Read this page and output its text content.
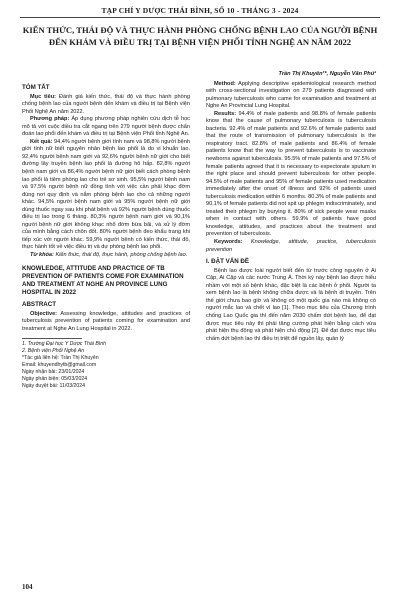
TẠP CHÍ Y DƯỢC THÁI BÌNH, SỐ 10 - THÁNG 3 - 2024
KIẾN THỨC, THÁI ĐỘ VÀ THỰC HÀNH PHÒNG CHỐNG BỆNH LAO CỦA NGƯỜI BỆNH ĐẾN KHÁM VÀ ĐIỀU TRỊ TẠI BỆNH VIỆN PHỔI TỈNH NGHỆ AN NĂM 2022
TÓM TẮT

Mục tiêu: Đánh giá kiến thức, thái độ và thực hành phòng chống bệnh lao của người bệnh đến khám và điều trị tại Bệnh viện Phổi Nghệ An năm 2022.

Phương pháp: Áp dụng phương pháp nghiên cứu dịch tễ học mô tả với cuộc điều tra cắt ngang trên 279 người bệnh được chẩn đoán lao phổi đến khám và điều trị tại Bệnh viện Phổi tỉnh Nghệ An.

Kết quả: 94,4% người bệnh giới tính nam và 98,8% người bệnh giới tính nữ biết nguyên nhân bệnh lao phổi là do vi khuẩn lao. 92,4% người bệnh nam giới và 92,6% người bệnh nữ giới cho biết đường lây truyền bệnh lao phổi là đường hô hấp. 82,8% người bệnh nam giới và 86,4% người bệnh nữ giới biết cách phòng bệnh lao phổi là tiêm phòng lao cho trẻ sơ sinh. 95,5% người bệnh nam và 97,5% người bệnh nữ đồng tình với việc cần phải khạc đờm đúng nơi quy định và nắm phòng bệnh lao cho cả những người khác. 94,5% người bệnh nam giới và 95% người bệnh nữ giới dùng thuốc ngay sau khi phát bệnh và 92% người bệnh dùng thuốc điều trị lao trong 6 tháng. 80,3% người bệnh nam giới và 90,1% người bệnh nữ giới không khạc nhổ đờm bừa bãi, và xử lý đờm của mình bằng cách chôn đốt. 80% người bệnh đeo khẩu trang khi tiếp xúc với người khác. 59,9% người bệnh có kiến thức, thái độ, thực hành tốt về việc điều trị và dự phòng bệnh lao phổi.

Từ khóa: Kiến thức, thái độ, thực hành, phòng chống bệnh lao.

KNOWLEDGE, ATTITUDE AND PRACTICE OF TB PREVENTION OF PATIENTS COME FOR EXAMINATION AND TREATMENT AT NGHE AN PROVINCE LUNG HOSPITAL IN 2022
ABSTRACT

Objective: Assessing knowledge, attitudes and practices of tuberculosis prevention of patients coming for examination and treatment at Nghe An Lung Hospital in 2022.

1. Trường Đại học Y Dược Thái Bình

2. Bệnh viện Phổi Nghệ An

*Tác giả liên hệ: Trần Thị Khuyên

Email: khuyendhytb@gmail.com

Ngày nhận bài: 23/01/2024

Ngày phản biện: 05/03/2024

Ngày duyệt bài: 11/03/2024

Trần Thị Khuyên¹*, Nguyễn Văn Phú²

Method: Applying descriptive epidemiological research method with cross-sectional investigation on 279 patients diagnosed with pulmonary tuberculosis who came for examination and treatment at Nghe An Provincial Lung Hospital.

Results: 94.4% of male patients and 98.8% of female patients know that the cause of pulmonary tuberculosis is tuberculosis bacteria. 92.4% of male patients and 92.6% of female patients said that the route of transmission of pulmonary tuberculosis is the respiratory tract. 82.8% of male patients and 86.4% of female patients know that the way to prevent tuberculosis is to vaccinate newborns against tuberculosis. 95.5% of male patients and 97.5% of female patients agreed that it is necessary to expectorate sputum in the right place and should prevent tuberculosis for other people. 94.5% of male patients and 95% of female patients used medication immediately after the onset of illness and 92% of patients used tuberculosis medication within 6 months. 80.3% of male patients and 90.1% of female patients did not spit up phlegm indiscriminately, and treated their phlegm by burying it. 80% of sick people wear masks when in contact with others. 59.9% of patients have good knowledge, attitudes, and practices about the treatment and prevention of tuberculosis.

Keywords: Knowledge, attitude, practice, tuberculosis prevention

I. ĐẶT VẤN ĐỀ

Bệnh lao được loài người biết đến từ trước công nguyên ở Ai Cập, Ai Cập và các nước Trung Á. Thời kỳ này bệnh lao được hiểu nhầm với một số bệnh khác, đặc biệt là các bệnh ở phổi. Người ta xem bệnh lao là bệnh không chữa được và là bệnh di truyền. Trên thế giới chưa bao giờ và không có một quốc gia nào mà không có người mắc lao và chết vì lao [1]. Theo mục tiêu của Chương trình chống Lao Quốc gia thì đến năm 2030 chấm dứt bệnh lao, để đạt được mục tiêu này thì phải tăng cường phát hiện bằng cách vừa phát hiện thụ động và phát hiện chủ động [2]. Để đạt được mục tiêu chấm dứt bệnh lao thì điều trị triệt để nguồn lây, quản lý

104
